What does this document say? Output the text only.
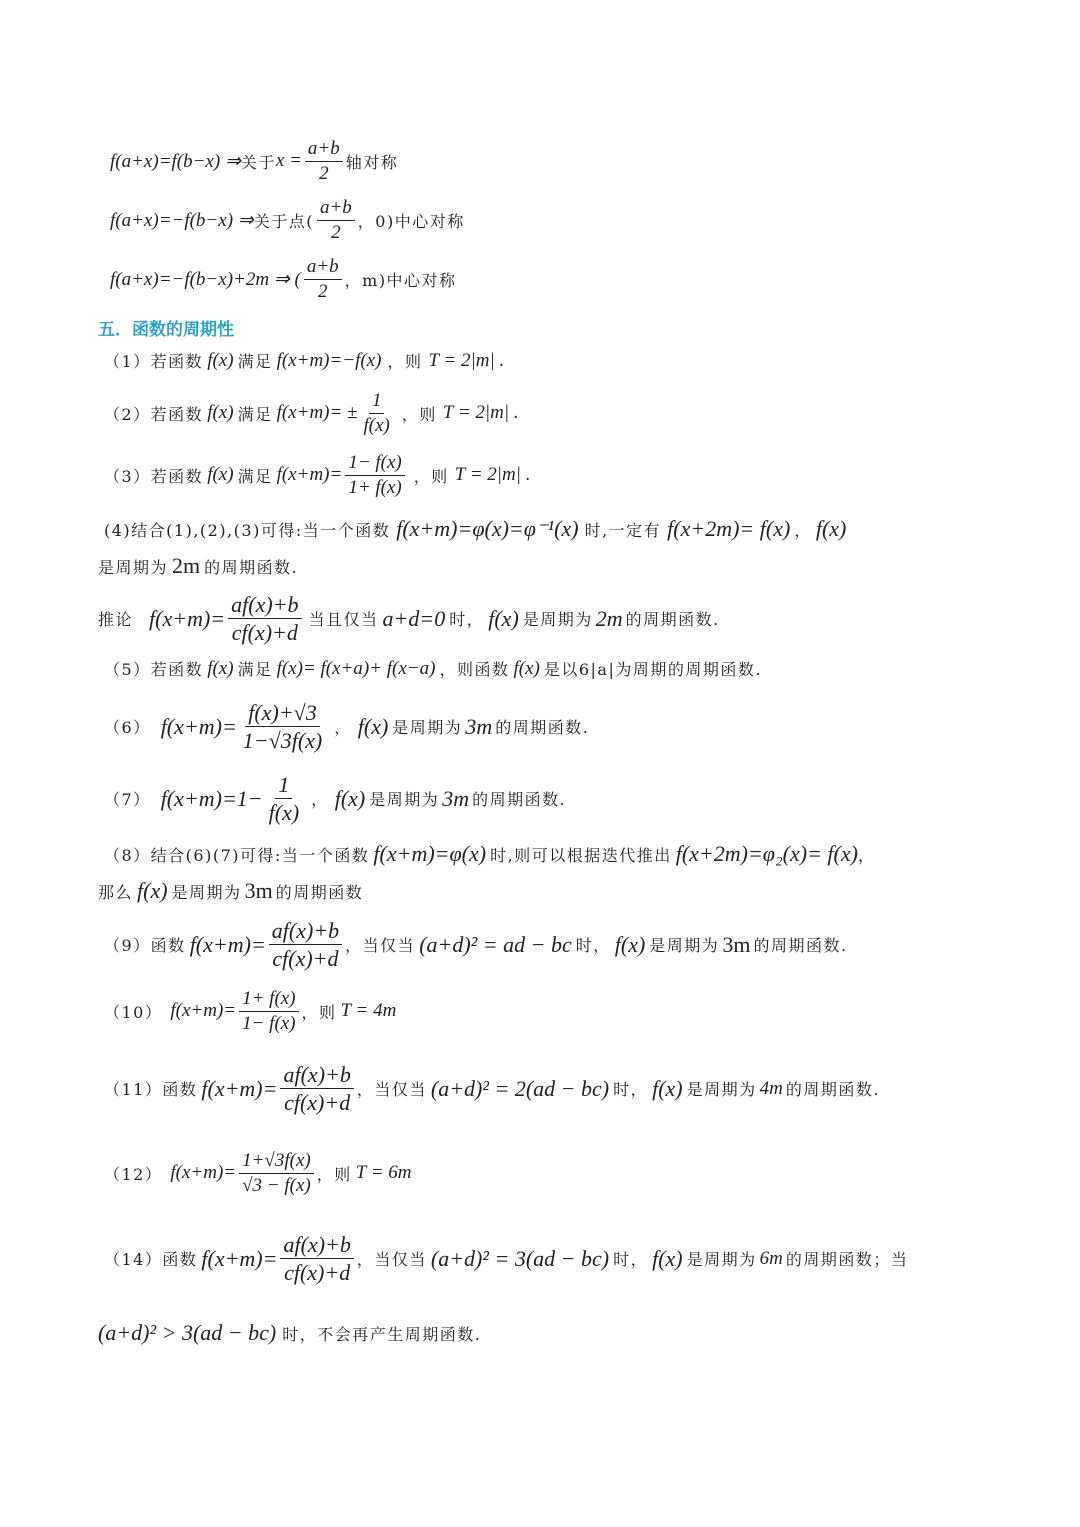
f(a+x)=f(b−x) ⇒ 关于 $x = \frac{a+b}{2}$ 轴对称
f(a+x)=−f(b−x) ⇒ 关于点( $\frac{a+b}{2}$ ，0)中心对称
f(a+x)=−f(b−x)+2m ⇒ ( $\frac{a+b}{2}$ ，m)中心对称
五．函数的周期性
（1）若函数 f(x) 满足 f(x+m)=−f(x) ，则 T = 2|m| .
（2）若函数 f(x) 满足 $f(x+m)= \pm \frac{1}{f(x)}$ ，则 T = 2|m| .
（3）若函数 f(x) 满足 $f(x+m)= \frac{1- f(x)}{1+ f(x)}$ ，则 T = 2|m| .
(4)结合(1),(2),(3)可得:当一个函数 f(x+m)=φ(x)=φ⁻¹(x) 时,一定有 f(x+2m)= f(x) ， f(x)
是周期为 2m 的周期函数.
推论 $f(x+m)= \frac{af(x)+b}{cf(x)+d}$ 当且仅当 a+d=0 时， f(x) 是周期为 2m 的周期函数.
（5）若函数 f(x) 满足 f(x)= f(x+a)+ f(x−a) ，则函数 f(x) 是以6|a|为周期的周期函数.
（6） $f(x+m)= \frac{f(x)+√3}{1-√3f(x)}$ ， f(x) 是周期为 3m 的周期函数.
（7） $f(x+m)=1- \frac{1}{f(x)}$ ， f(x) 是周期为 3m 的周期函数.
（8）结合(6)(7)可得:当一个函数 f(x+m)=φ(x) 时,则可以根据迭代推出 f(x+2m)=φ₂(x)= f(x) ，
那么 f(x) 是周期为 3m 的周期函数
（9）函数 $f(x+m)= \frac{af(x)+b}{cf(x)+d}$ ，当仅当 (a+d)² = ad − bc 时， f(x) 是周期为 3m 的周期函数.
（10） $f(x+m)= \frac{1+ f(x)}{1- f(x)}$ ，则 T = 4m
（11）函数 $f(x+m)= \frac{af(x)+b}{cf(x)+d}$ ，当仅当 (a+d)² = 2(ad − bc) 时， f(x) 是周期为 4m 的周期函数.
（12） $f(x+m)= \frac{1+√3f(x)}{√3 - f(x)}$ ，则 T = 6m
（14）函数 $f(x+m)= \frac{af(x)+b}{cf(x)+d}$ ，当仅当 (a+d)² = 3(ad − bc) 时， f(x) 是周期为 6m 的周期函数；当
(a+d)² > 3(ad − bc) 时，不会再产生周期函数.
